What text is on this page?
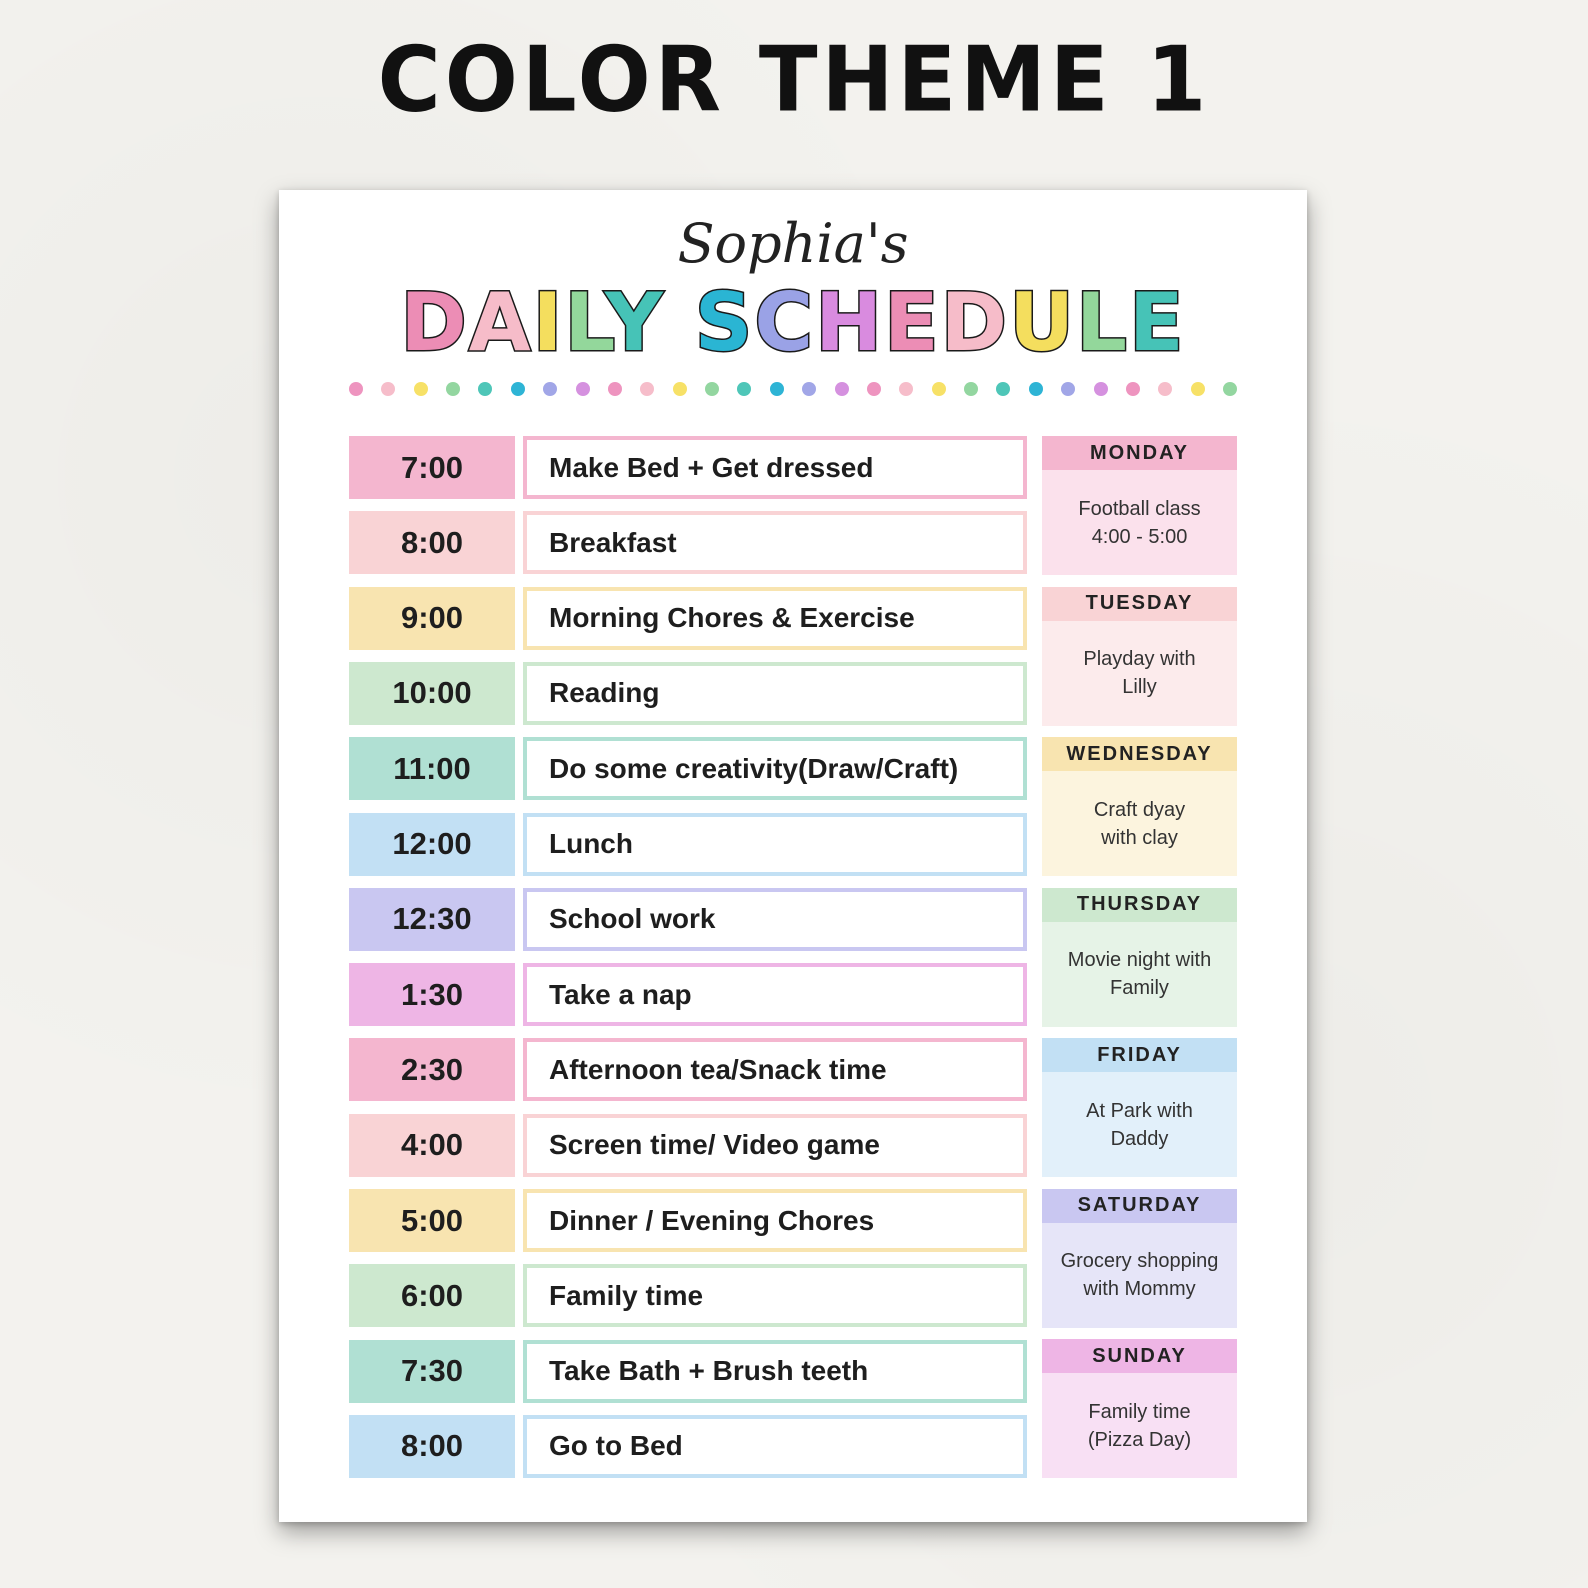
COLOR THEME 1
Sophia's
DAILY SCHEDULE
7:00	Make Bed + Get dressed
8:00	Breakfast
9:00	Morning Chores & Exercise
10:00	Reading
11:00	Do some creativity(Draw/Craft)
12:00	Lunch
12:30	School work
1:30	Take a nap
2:30	Afternoon tea/Snack time
4:00	Screen time/ Video game
5:00	Dinner / Evening Chores
6:00	Family time
7:30	Take Bath + Brush teeth
8:00	Go to Bed
MONDAY
Football class
4:00 - 5:00
TUESDAY
Playday with
Lilly
WEDNESDAY
Craft dyay
with clay
THURSDAY
Movie night with
Family
FRIDAY
At Park with
Daddy
SATURDAY
Grocery shopping
with Mommy
SUNDAY
Family time
(Pizza Day)
